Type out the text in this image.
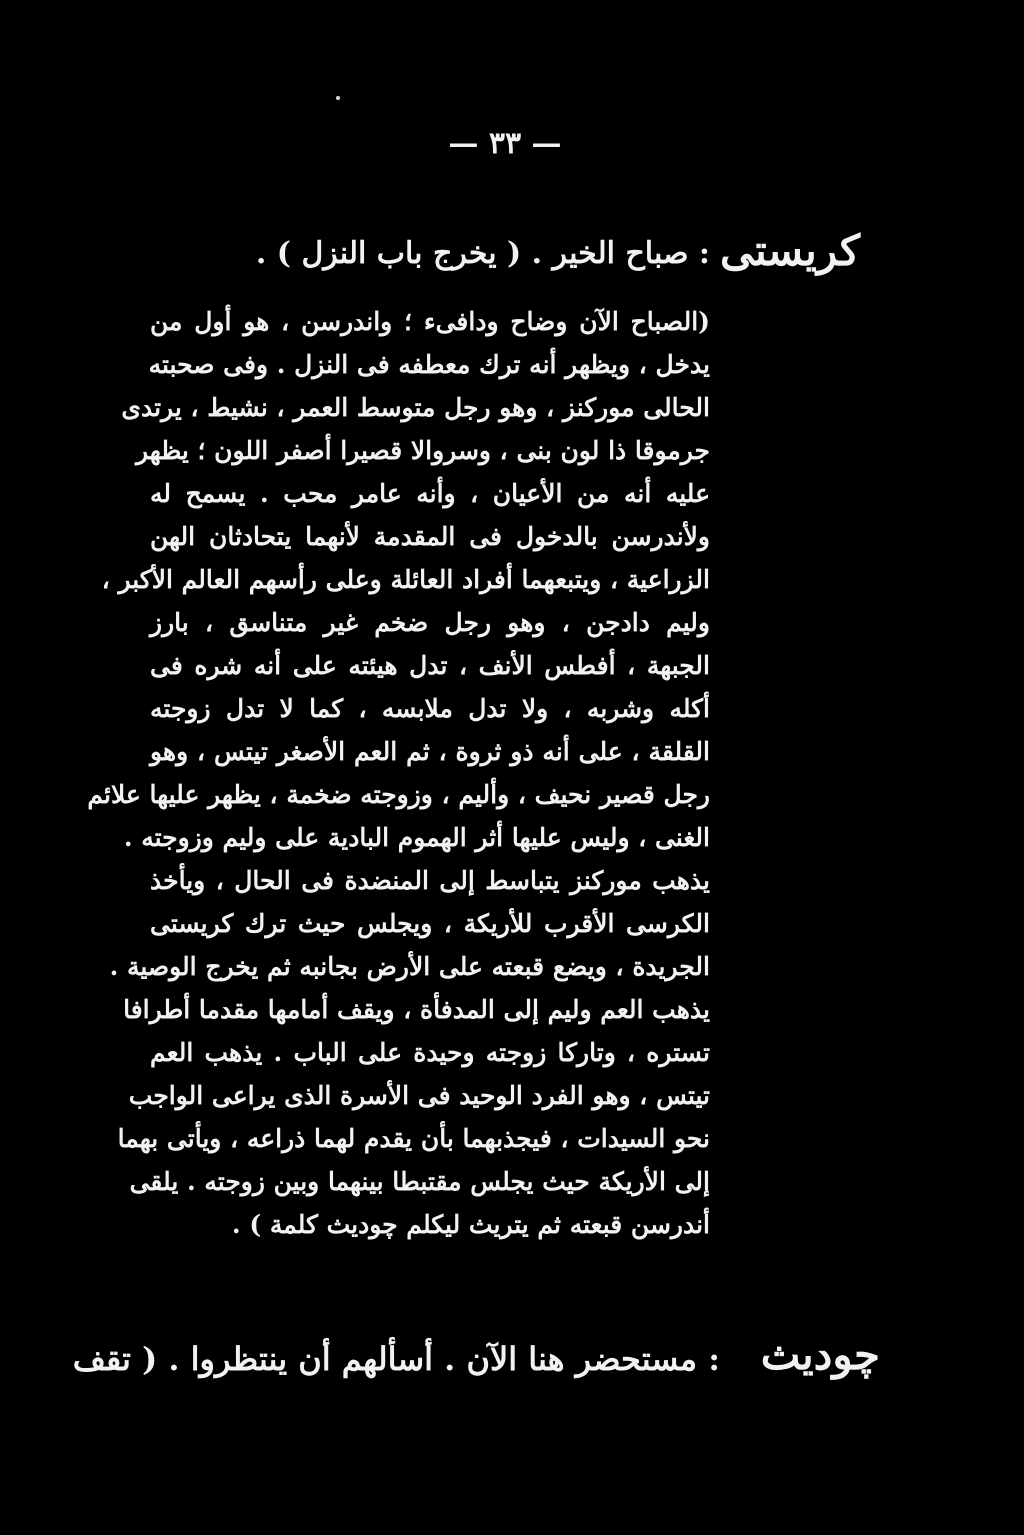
— ٣٣ —
كريستى
: صباح الخير . ( يخرج باب النزل ) .
(الصباح الآن وضاح ودافىء ؛ واندرسن ، هو أول من
يدخل ، ويظهر أنه ترك معطفه فى النزل . وفى صحبته
الحالى موركنز ، وهو رجل متوسط العمر ، نشيط ، يرتدى
جرموقا ذا لون بنى ، وسروالا قصيرا أصفر اللون ؛ يظهر
عليه أنه من الأعيان ، وأنه عامر محب . يسمح له
ولأندرسن بالدخول فى المقدمة لأنهما يتحادثان الهن
الزراعية ، ويتبعهما أفراد العائلة وعلى رأسهم العالم الأكبر ،
وليم دادجن ، وهو رجل ضخم غير متناسق ، بارز
الجبهة ، أفطس الأنف ، تدل هيئته على أنه شره فى
أكله وشربه ، ولا تدل ملابسه ، كما لا تدل زوجته
القلقة ، على أنه ذو ثروة ، ثم العم الأصغر تيتس ، وهو
رجل قصير نحيف ، وأليم ، وزوجته ضخمة ، يظهر عليها علائم
الغنى ، وليس عليها أثر الهموم البادية على وليم وزوجته .
يذهب موركنز يتباسط إلى المنضدة فى الحال ، ويأخذ
الكرسى الأقرب للأريكة ، ويجلس حيث ترك كريستى
الجريدة ، ويضع قبعته على الأرض بجانبه ثم يخرج الوصية .
يذهب العم وليم إلى المدفأة ، ويقف أمامها مقدما أطرافا
تستره ، وتاركا زوجته وحيدة على الباب . يذهب العم
تيتس ، وهو الفرد الوحيد فى الأسرة الذى يراعى الواجب
نحو السيدات ، فيجذبهما بأن يقدم لهما ذراعه ، ويأتى بهما
إلى الأريكة حيث يجلس مقتبطا بينهما وبين زوجته . يلقى
أندرسن قبعته ثم يتريث ليكلم چودیث كلمة ) .
چوديث
: مستحضر هنا الآن . أسألهم أن ينتظروا . ( تقف
